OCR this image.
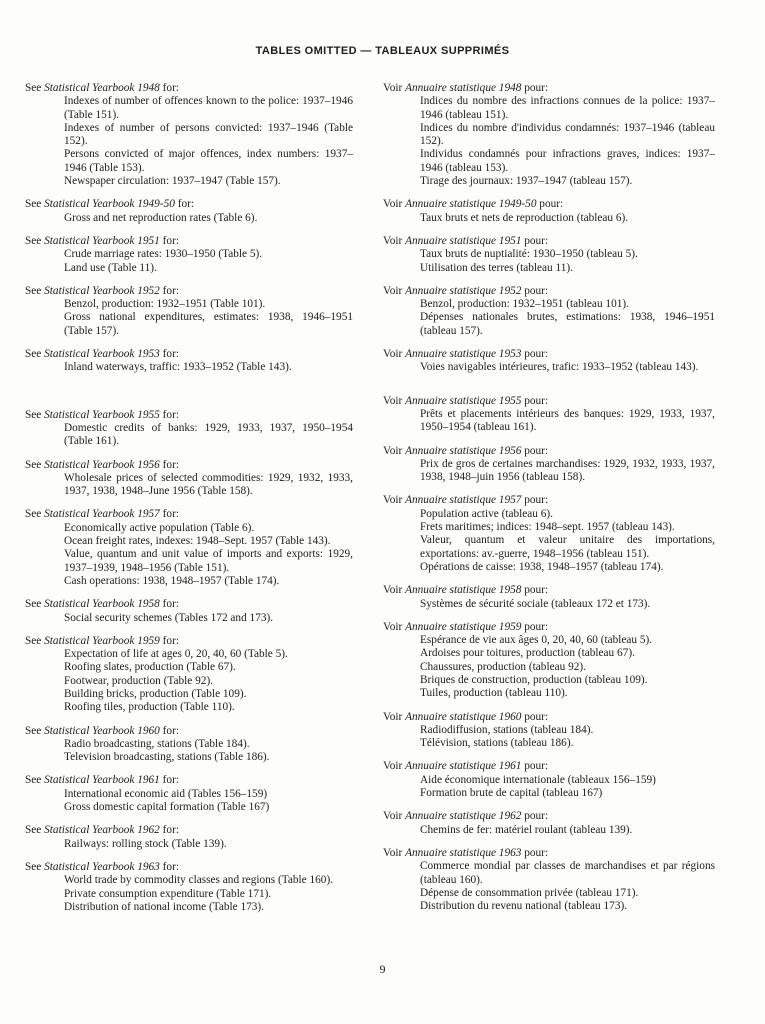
TABLES OMITTED — TABLEAUX SUPPRIMÉS
See Statistical Yearbook 1948 for:
Indexes of number of offences known to the police: 1937–1946 (Table 151).
Indexes of number of persons convicted: 1937–1946 (Table 152).
Persons convicted of major offences, index numbers: 1937–1946 (Table 153).
Newspaper circulation: 1937–1947 (Table 157).
See Statistical Yearbook 1949-50 for:
Gross and net reproduction rates (Table 6).
See Statistical Yearbook 1951 for:
Crude marriage rates: 1930–1950 (Table 5).
Land use (Table 11).
See Statistical Yearbook 1952 for:
Benzol, production: 1932–1951 (Table 101).
Gross national expenditures, estimates: 1938, 1946–1951 (Table 157).
See Statistical Yearbook 1953 for:
Inland waterways, traffic: 1933–1952 (Table 143).
See Statistical Yearbook 1955 for:
Domestic credits of banks: 1929, 1933, 1937, 1950–1954 (Table 161).
See Statistical Yearbook 1956 for:
Wholesale prices of selected commodities: 1929, 1932, 1933, 1937, 1938, 1948–June 1956 (Table 158).
See Statistical Yearbook 1957 for:
Economically active population (Table 6).
Ocean freight rates, indexes: 1948–Sept. 1957 (Table 143).
Value, quantum and unit value of imports and exports: 1929, 1937–1939, 1948–1956 (Table 151).
Cash operations: 1938, 1948–1957 (Table 174).
See Statistical Yearbook 1958 for:
Social security schemes (Tables 172 and 173).
See Statistical Yearbook 1959 for:
Expectation of life at ages 0, 20, 40, 60 (Table 5).
Roofing slates, production (Table 67).
Footwear, production (Table 92).
Building bricks, production (Table 109).
Roofing tiles, production (Table 110).
See Statistical Yearbook 1960 for:
Radio broadcasting, stations (Table 184).
Television broadcasting, stations (Table 186).
See Statistical Yearbook 1961 for:
International economic aid (Tables 156–159)
Gross domestic capital formation (Table 167)
See Statistical Yearbook 1962 for:
Railways: rolling stock (Table 139).
See Statistical Yearbook 1963 for:
World trade by commodity classes and regions (Table 160).
Private consumption expenditure (Table 171).
Distribution of national income (Table 173).
Voir Annuaire statistique 1948 pour:
Indices du nombre des infractions connues de la police: 1937–1946 (tableau 151).
Indices du nombre d'individus condamnés: 1937–1946 (tableau 152).
Individus condamnés pour infractions graves, indices: 1937–1946 (tableau 153).
Tirage des journaux: 1937–1947 (tableau 157).
Voir Annuaire statistique 1949-50 pour:
Taux bruts et nets de reproduction (tableau 6).
Voir Annuaire statistique 1951 pour:
Taux bruts de nuptialité: 1930–1950 (tableau 5).
Utilisation des terres (tableau 11).
Voir Annuaire statistique 1952 pour:
Benzol, production: 1932–1951 (tableau 101).
Dépenses nationales brutes, estimations: 1938, 1946–1951 (tableau 157).
Voir Annuaire statistique 1953 pour:
Voies navigables intérieures, trafic: 1933–1952 (tableau 143).
Voir Annuaire statistique 1955 pour:
Prêts et placements intérieurs des banques: 1929, 1933, 1937, 1950–1954 (tableau 161).
Voir Annuaire statistique 1956 pour:
Prix de gros de certaines marchandises: 1929, 1932, 1933, 1937, 1938, 1948–juin 1956 (tableau 158).
Voir Annuaire statistique 1957 pour:
Population active (tableau 6).
Frets maritimes; indices: 1948–sept. 1957 (tableau 143).
Valeur, quantum et valeur unitaire des importations, exportations: av.-guerre, 1948–1956 (tableau 151).
Opérations de caisse: 1938, 1948–1957 (tableau 174).
Voir Annuaire statistique 1958 pour:
Systèmes de sécurité sociale (tableaux 172 et 173).
Voir Annuaire statistique 1959 pour:
Espérance de vie aux âges 0, 20, 40, 60 (tableau 5).
Ardoises pour toitures, production (tableau 67).
Chaussures, production (tableau 92).
Briques de construction, production (tableau 109).
Tuiles, production (tableau 110).
Voir Annuaire statistique 1960 pour:
Radiodiffusion, stations (tableau 184).
Télévision, stations (tableau 186).
Voir Annuaire statistique 1961 pour:
Aide économique internationale (tableaux 156–159)
Formation brute de capital (tableau 167)
Voir Annuaire statistique 1962 pour:
Chemins de fer: matériel roulant (tableau 139).
Voir Annuaire statistique 1963 pour:
Commerce mondial par classes de marchandises et par régions (tableau 160).
Dépense de consommation privée (tableau 171).
Distribution du revenu national (tableau 173).
9
